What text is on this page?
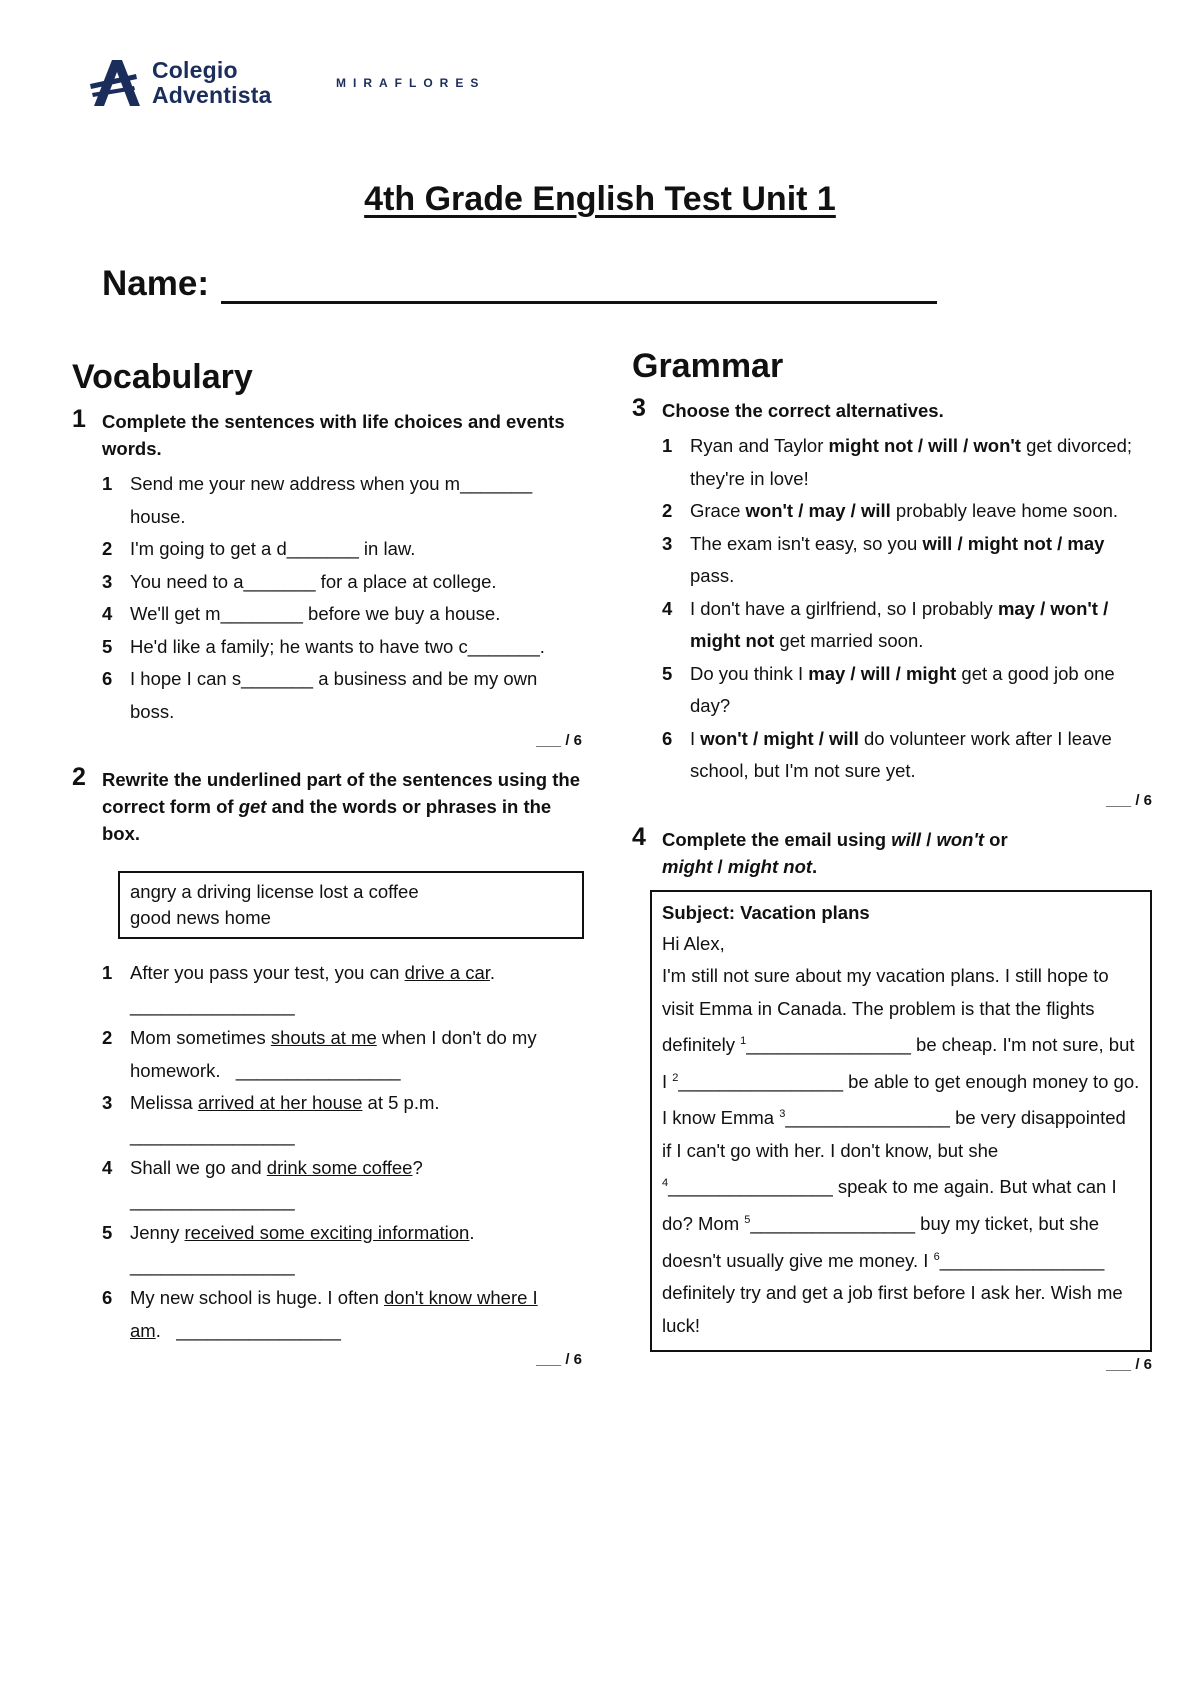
Colegio
Adventista	MIRAFLORES
4th Grade English Test Unit 1
Name:
Vocabulary
1 Complete the sentences with life choices and events words.
1 Send me your new address when you m_______ house.
2 I'm going to get a d_______ in law.
3 You need to a_______ for a place at college.
4 We'll get m________ before we buy a house.
5 He'd like a family; he wants to have two c_______.
6 I hope I can s_______ a business and be my own boss.
___ / 6
2 Rewrite the underlined part of the sentences using the correct form of get and the words or phrases in the box.
angry a driving license lost a coffee
good news home
1 After you pass your test, you can drive a car.
________________
2 Mom sometimes shouts at me when I don't do my homework. ________________
3 Melissa arrived at her house at 5 p.m.
________________
4 Shall we go and drink some coffee?
________________
5 Jenny received some exciting information.
________________
6 My new school is huge. I often don't know where I am. ________________
___ / 6
Grammar
3 Choose the correct alternatives.
1 Ryan and Taylor might not / will / won't get divorced; they're in love!
2 Grace won't / may / will probably leave home soon.
3 The exam isn't easy, so you will / might not / may pass.
4 I don't have a girlfriend, so I probably may / won't / might not get married soon.
5 Do you think I may / will / might get a good job one day?
6 I won't / might / will do volunteer work after I leave school, but I'm not sure yet.
___ / 6
4 Complete the email using will / won't or
might / might not.
Subject: Vacation plans
Hi Alex,
I'm still not sure about my vacation plans. I still hope to visit Emma in Canada. The problem is that the flights definitely $^1$________________ be cheap. I'm not sure, but I $^2$________________ be able to get enough money to go. I know Emma $^3$________________ be very disappointed if I can't go with her. I don't know, but she $^4$________________ speak to me again. But what can I do? Mom $^5$________________ buy my ticket, but she doesn't usually give me money. I $^6$________________ definitely try and get a job first before I ask her. Wish me luck!
___ / 6
